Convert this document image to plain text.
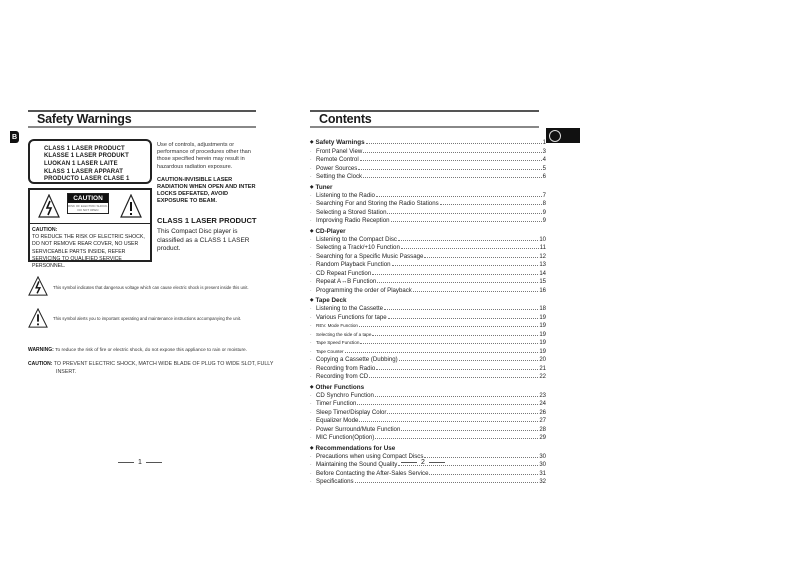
Safety Warnings
B
CLASS 1 LASER PRODUCT
KLASSE 1 LASER PRODUKT
LUOKAN 1 LASER LAITE
KLASS 1 LASER APPARAT
PRODUCTO LASER CLASE 1
CAUTION
RISK OF ELECTRIC SHOCK. DO NOT OPEN
CAUTION:
TO REDUCE THE RISK OF ELECTRIC SHOCK, DO NOT REMOVE REAR COVER, NO USER SERVICEABLE PARTS INSIDE, REFER SERVICING TO QUALIFIED SERVICE PERSONNEL.
Use of controls, adjustments or performance of procedures other than those specified herein may result in hazardous radiation exposure.
CAUTION-INVISIBLE LASER RADIATION WHEN OPEN AND INTER LOCKS DEFEATED, AVOID EXPOSURE TO BEAM.
CLASS 1 LASER PRODUCT
This Compact Disc player is classified as a CLASS 1 LASER product.
This symbol indicates that dangerous voltage which can cause electric shock is present inside this unit.
This symbol alerts you to important operating and maintenance instructions accompanying the unit.
WARNING: To reduce the risk of fire or electric shock, do not expose this appliance to rain or moisture.
CAUTION: TO PREVENT ELECTRIC SHOCK, MATCH WIDE BLADE OF PLUG TO WIDE SLOT, FULLY
INSERT.
1
Contents
◆ Safety Warnings	1
· Front Panel View	3
· Remote Control	4
· Power Sources	5
· Setting the Clock	6
◆ Tuner
· Listening to the Radio	7
· Searching For and Storing the Radio Stations	8
· Selecting a Stored Station	9
· Improving Radio Reception	9
◆ CD-Player
· Listening to the Compact Disc	10
· Selecting a Track/+10 Function	11
· Searching for a Specific Music Passage	12
· Random Playback Function	13
· CD Repeat Function	14
· Repeat A↔B Function	15
· Programming the order of Playback	16
◆ Tape Deck
· Listening to the Cassette	18
· Various Functions for tape	19
· REV. Mode Function	19
· Selecting the side of a tape	19
· Tape Speed Function	19
· Tape Counter	19
· Copying a Cassette (Dubbing)	20
· Recording from Radio	21
· Recording from CD	22
◆ Other Functions
· CD Synchro Function	23
· Timer Function	24
· Sleep Timer/Display Color	26
· Equalizer Mode	27
· Power Surround/Mute Function	28
· MIC Function(Option)	29
◆ Recommendations for Use
· Precautions when using Compact Discs	30
· Maintaining the Sound Quality	30
· Before Contacting the After-Sales Service	31
· Specifications	32
2
